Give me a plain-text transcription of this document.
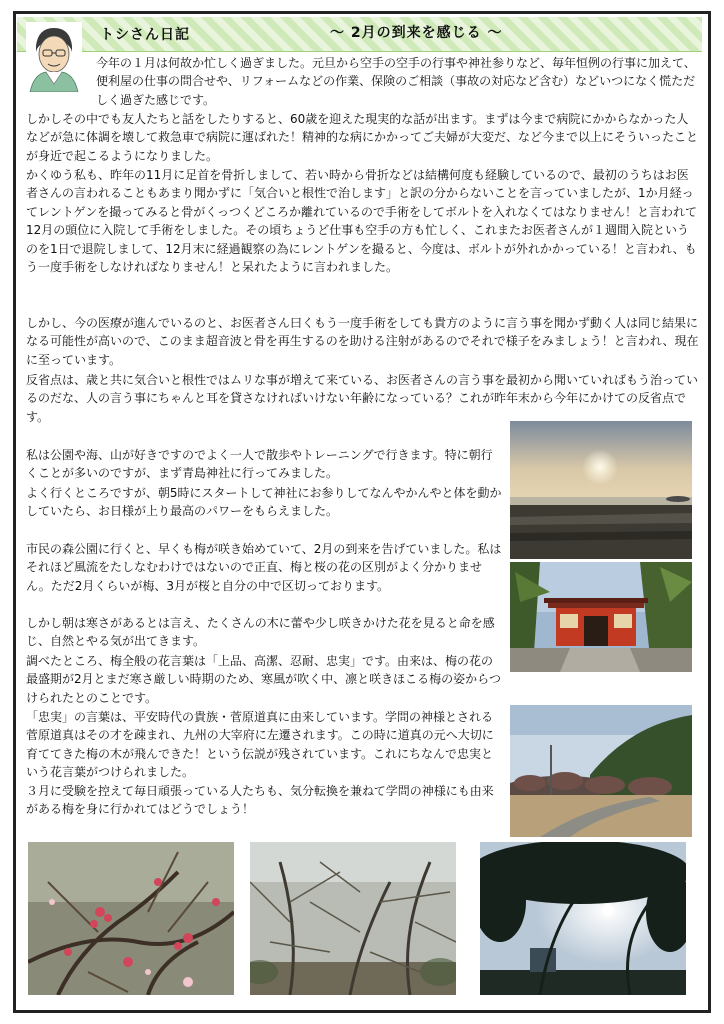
トシさん日記	～ 2月の到来を感じる ～

今年の１月は何故か忙しく過ぎました。元旦から空手の空手の行事や神社参りなど、毎年恒例の行事に加えて、便利屋の仕事の問合せや、リフォームなどの作業、保険のご相談（事故の対応など含む）などいつになく慌ただしく過ぎた感じです。

しかしその中でも友人たちと話をしたりすると、60歳を迎えた現実的な話が出ます。まずは今まで病院にかからなかった人などが急に体調を壊して救急車で病院に運ばれた！精神的な病にかかってご夫婦が大変だ、など今まで以上にそういったことが身近で起こるようになりました。

かくゆう私も、昨年の11月に足首を骨折しまして、若い時から骨折などは結構何度も経験しているので、最初のうちはお医者さんの言われることもあまり聞かずに「気合いと根性で治します」と訳の分からないことを言っていましたが、1か月経ってレントゲンを撮ってみると骨がくっつくどころか離れているので手術をしてボルトを入れなくてはなりません！と言われて12月の頭位に入院して手術をしました。その頃ちょうど仕事も空手の方も忙しく、これまたお医者さんが１週間入院というのを1日で退院しまして、12月末に経過観察の為にレントゲンを撮ると、今度は、ボルトが外れかかっている！と言われ、もう一度手術をしなければなりません！と呆れたように言われました。

しかし、今の医療が進んでいるのと、お医者さん曰くもう一度手術をしても貴方のように言う事を聞かず動く人は同じ結果になる可能性が高いので、このまま超音波と骨を再生するのを助ける注射があるのでそれで様子をみましょう！と言われ、現在に至っています。

反省点は、歳と共に気合いと根性ではムリな事が増えて来ている、お医者さんの言う事を最初から聞いていればもう治っているのだな、人の言う事にちゃんと耳を貸さなければいけない年齢になっている？これが昨年末から今年にかけての反省点です。

私は公園や海、山が好きですのでよく一人で散歩やトレーニングで行きます。特に朝行くことが多いのですが、まず青島神社に行ってみました。

よく行くところですが、朝5時にスタートして神社にお参りしてなんやかんやと体を動かしていたら、お日様が上り最高のパワーをもらえました。

市民の森公園に行くと、早くも梅が咲き始めていて、2月の到来を告げていました。私はそれほど風流をたしなむわけではないので正直、梅と桜の花の区別がよく分かりません。ただ2月くらいが梅、3月が桜と自分の中で区切っております。

しかし朝は寒さがあるとは言え、たくさんの木に蕾や少し咲きかけた花を見ると命を感じ、自然とやる気が出てきます。

調べたところ、梅全般の花言葉は「上品、高潔、忍耐、忠実」です。由来は、梅の花の最盛期が2月とまだ寒さ厳しい時期のため、寒風が吹く中、凛と咲きほこる梅の姿からつけられたとのことです。

「忠実」の言葉は、平安時代の貴族・菅原道真に由来しています。学問の神様とされる菅原道真はその才を疎まれ、九州の大宰府に左遷されます。この時に道真の元へ大切に育ててきた梅の木が飛んできた！という伝説が残されています。これにちなんで忠実という花言葉がつけられました。

３月に受験を控えて毎日頑張っている人たちも、気分転換を兼ねて学問の神様にも由来がある梅を身に行かれてはどうでしょう！
